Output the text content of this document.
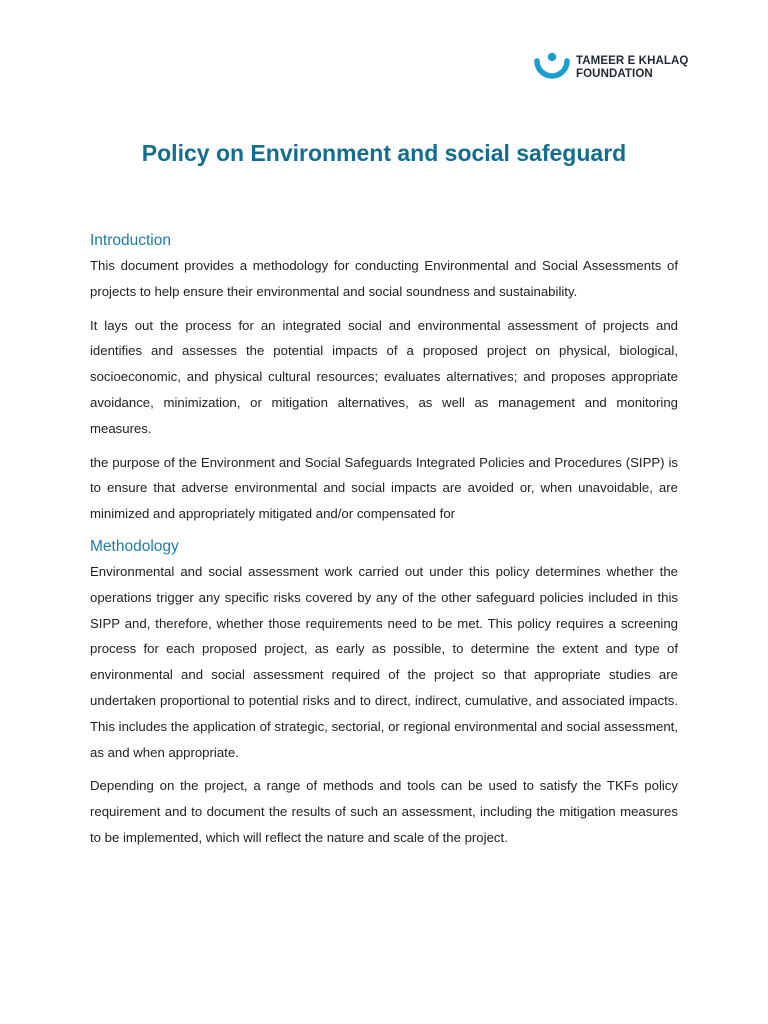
TAMEER E KHALAQ
FOUNDATION
Policy on Environment and social safeguard
Introduction

This document provides a methodology for conducting Environmental and Social Assessments of projects to help ensure their environmental and social soundness and sustainability.

It lays out the process for an integrated social and environmental assessment of projects and identifies and assesses the potential impacts of a proposed project on physical, biological, socioeconomic, and physical cultural resources; evaluates alternatives; and proposes appropriate avoidance, minimization, or mitigation alternatives, as well as management and monitoring measures.

the purpose of the Environment and Social Safeguards Integrated Policies and Procedures (SIPP) is to ensure that adverse environmental and social impacts are avoided or, when unavoidable, are minimized and appropriately mitigated and/or compensated for

Methodology

Environmental and social assessment work carried out under this policy determines whether the operations trigger any specific risks covered by any of the other safeguard policies included in this SIPP and, therefore, whether those requirements need to be met. This policy requires a screening process for each proposed project, as early as possible, to determine the extent and type of environmental and social assessment required of the project so that appropriate studies are undertaken proportional to potential risks and to direct, indirect, cumulative, and associated impacts. This includes the application of strategic, sectorial, or regional environmental and social assessment, as and when appropriate.

Depending on the project, a range of methods and tools can be used to satisfy the TKFs policy requirement and to document the results of such an assessment, including the mitigation measures to be implemented, which will reflect the nature and scale of the project.
